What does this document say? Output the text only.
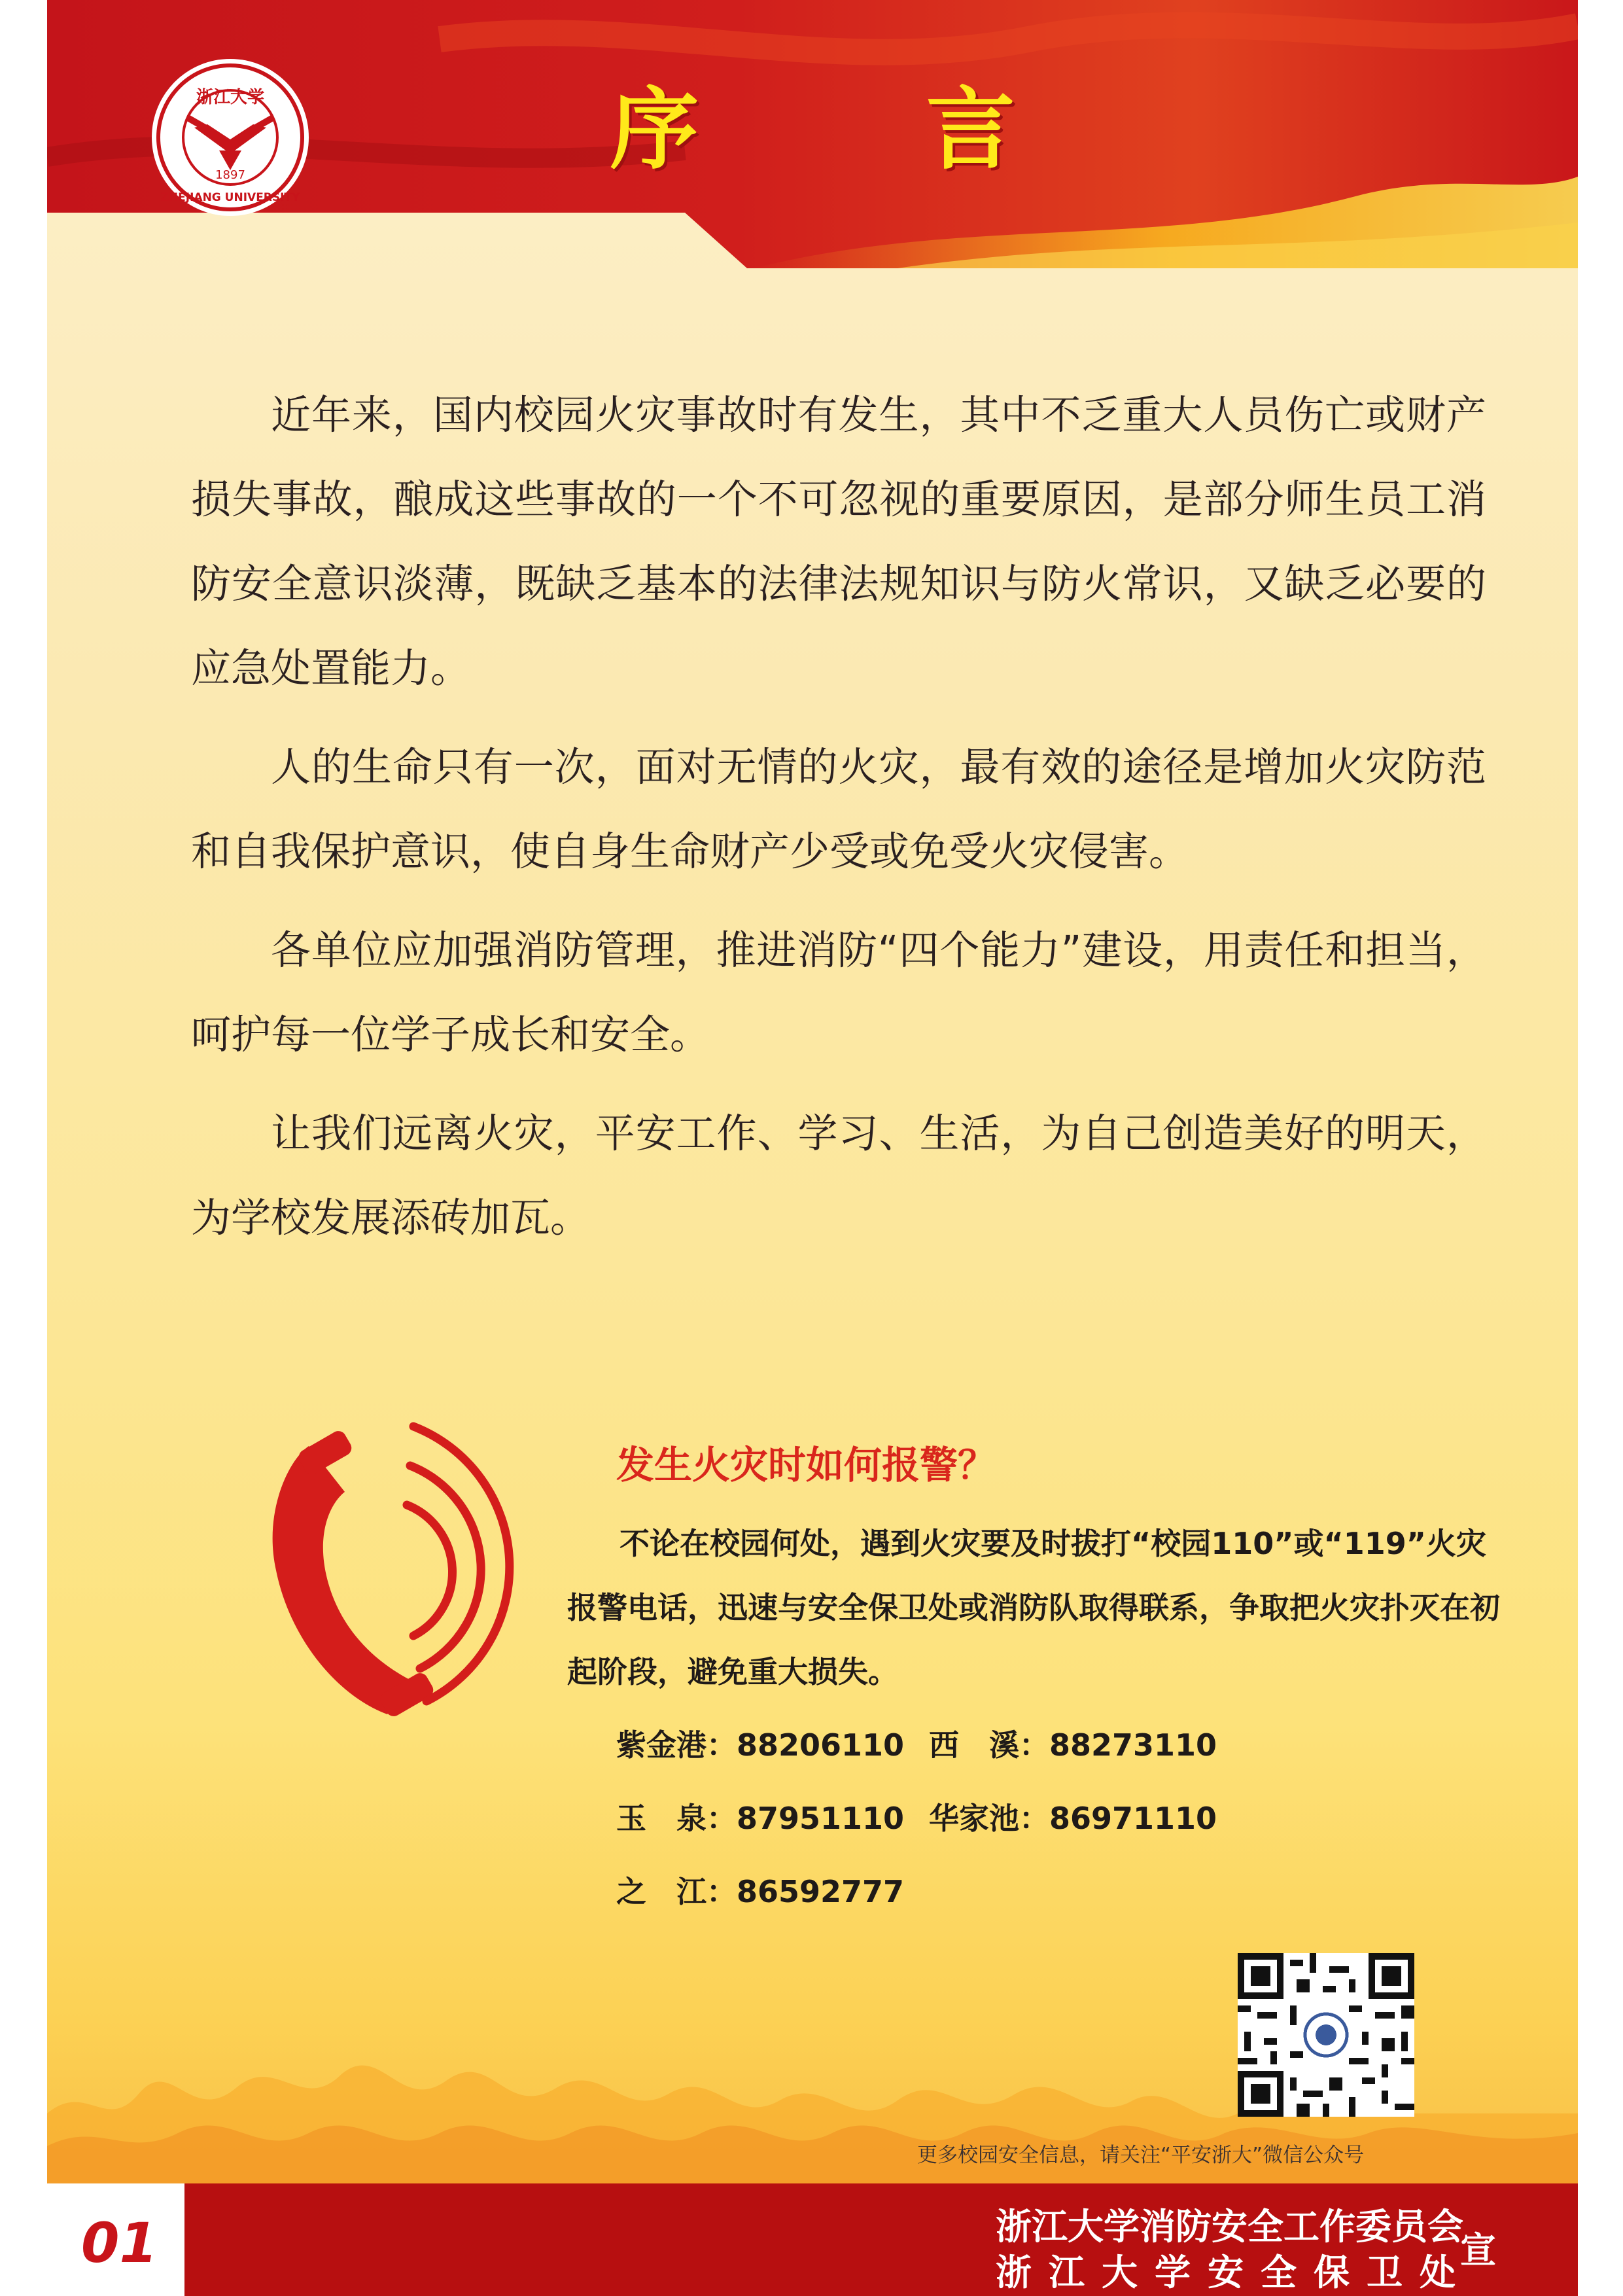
浙江大学
1897
ZHEJIANG UNIVERSITY
序 言

近年来，国内校园火灾事故时有发生，其中不乏重大人员伤亡或财产损失事故，酿成这些事故的一个不可忽视的重要原因，是部分师生员工消防安全意识淡薄，既缺乏基本的法律法规知识与防火常识，又缺乏必要的应急处置能力。

人的生命只有一次，面对无情的火灾，最有效的途径是增加火灾防范和自我保护意识，使自身生命财产少受或免受火灾侵害。

各单位应加强消防管理，推进消防“四个能力”建设，用责任和担当，呵护每一位学子成长和安全。

让我们远离火灾，平安工作、学习、生活，为自己创造美好的明天，为学校发展添砖加瓦。

发生火灾时如何报警？

不论在校园何处，遇到火灾要及时拔打“校园110”或“119”火灾报警电话，迅速与安全保卫处或消防队取得联系，争取把火灾扑灭在初起阶段，避免重大损失。

紫金港：88206110 西　溪：88273110
玉　泉：87951110 华家池：86971110
之　江：86592777
更多校园安全信息，请关注“平安浙大”微信公众号
01	浙江大学消防安全工作委员会
浙江大学安全保卫处
宣
